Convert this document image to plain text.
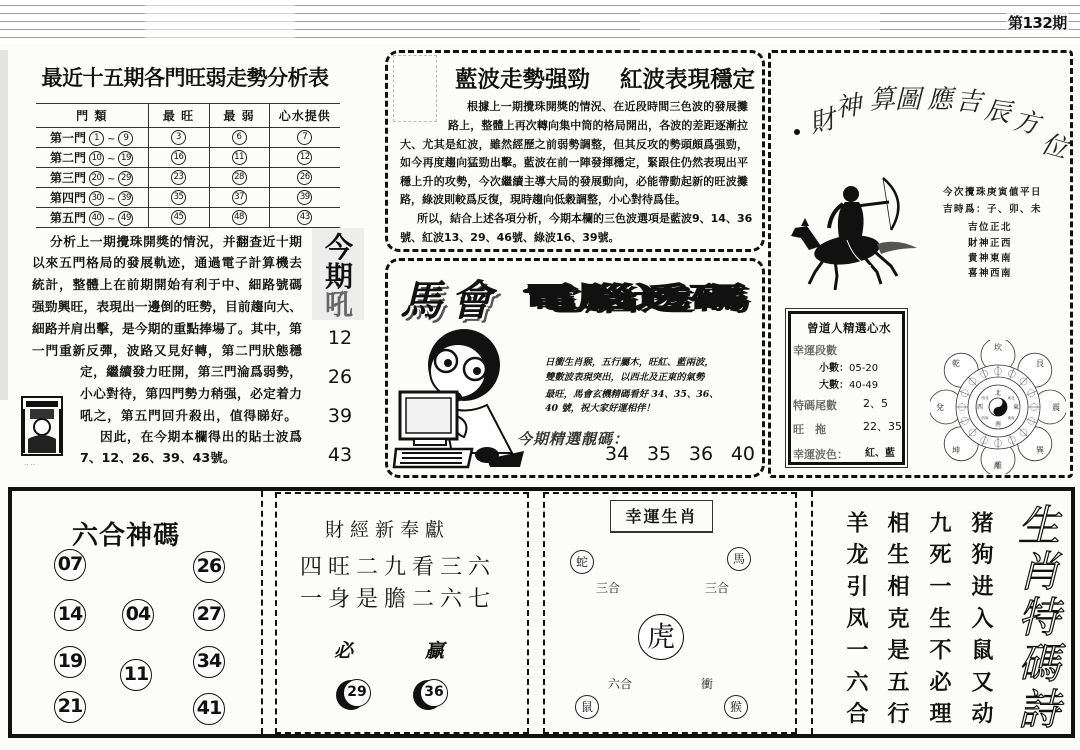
第132期
最近十五期各門旺弱走勢分析表
門 類	最 旺	最 弱	心水提供
第一門 1 ~ 9	3	6	7
第二門 10 ~ 19	16	11	12
第三門 20 ~ 29	23	28	26
第四門 30 ~ 39	35	37	39
第五門 40 ~ 49	45	48	43
分析上一期攪珠開獎的情況，并翻查近十期
以來五門格局的發展軌迹，通過電子計算機去
統計，整體上在前期開始有利于中、細路號碼
强勁興旺，表現出一邊倒的旺勢，目前趨向大、
細路并肩出擊，是今期的重點捧場了。其中，第
一門重新反彈，波路又見好轉，第二門狀態穩
定，繼續發力旺開，第三門淪爲弱勢，
小心對待，第四門勢力稍强，必定着力
吼之，第五門回升殺出，值得睇好。
因此，在今期本欄得出的貼士波爲
7、12、26、39、43號。
·· ··
今
期
吼
12
26
39
43
藍波走勢强勁 紅波表現穩定
根據上一期攪珠開獎的情況、在近段時間三色波的發展攤
路上，整體上再次轉向集中筒的格局開出，各波的差距逐漸拉
大、尤其是紅波，雖然經歷之前弱勢調整，但其反攻的勢頭頗爲强勁，
如今再度趨向猛勁出擊。藍波在前一陣發揮穩定，緊跟住仍然表現出平
穩上升的攻勢，今次繼續主導大局的發展動向，必能帶動起新的旺波攤
路，綠波則較爲反復，現時趨向低穀調整，小心對待爲佳。
所以，結合上述各項分析，今期本欄的三色波選項是藍波9、14、36
號、紅波13、29、46號、綠波16、39號。
馬會 電腦透碼
日衝生肖猴，五行屬木，旺紅、藍兩波，
雙數波表現突出，以西北及正東的氣勢
最旺，馬會玄機精碼看好 34、35、36、
40 號，祝大家好運相伴！
今期精選靚碼：
34 35 36 40
財
神 算
圖 應 吉 辰
方
位
今次攪珠庚寅値平日
吉時爲：子、卯、未
吉位正北
財神正西
貴神東南
喜神西南
曾道人精選心水
幸運段數
小數：05-20
大數：40-49
特碼尾數 2、5
旺　拖	22、35
幸運波色： 紅、藍
坎
艮
震
巽
離
坤
兌
乾
北
東
南
西
西北	東北
西南	東南
六合神碼
07	26
14 04 27
19
11
34
21	41
財經新奉獻
四旺二九看三六
一身是膽二六七
必	贏
29	36
幸運生肖
蛇	馬
三合	三合
虎
六合	衝
鼠	猴	猪狗进入鼠又动
九死一生不必理
相生相克是五行
羊龙引凤一六合	生肖特碼詩
